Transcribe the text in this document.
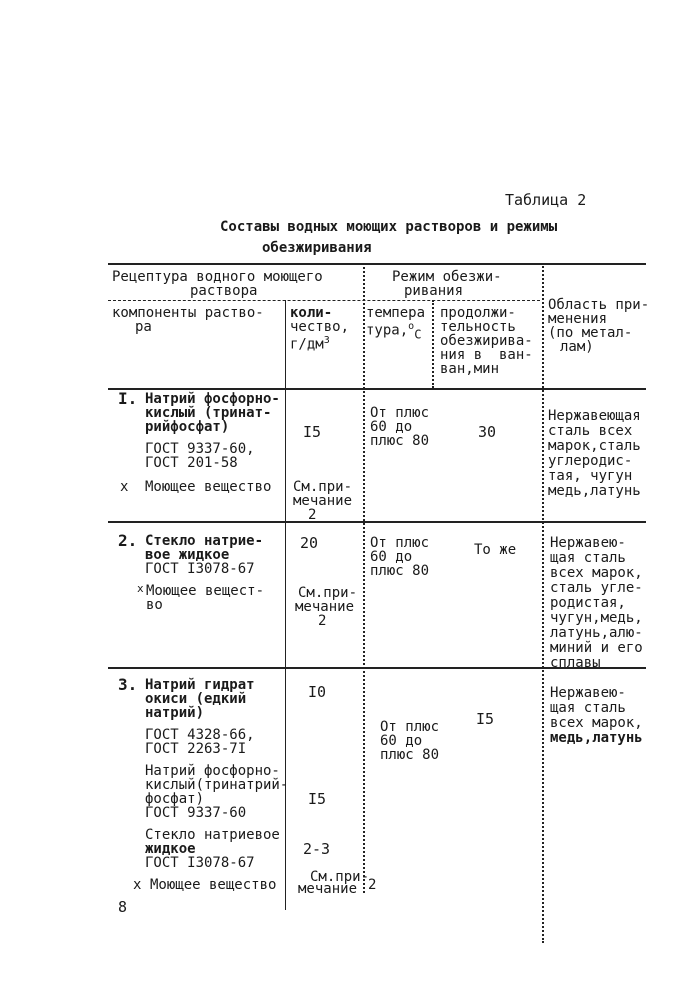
Таблица 2
Составы водных моющих растворов и режимы
обезжиривания
Рецептура водного моющего
раствора
Режим обезжи-
ривания
компоненты раство-
ра
коли-
чество,
$г/дм^3$
темпера
тура,$^o_C$
продолжи-
тельность
обезжирива-
ния в  ван-
ван,мин
Область при-
менения
(по метал-
лам)
I. Натрий фосфорно-
кислый (тринат-
рийфосфат)
ГОСТ 9337-60,
ГОСТ 201-58
х Моющее вещество
I5
См.при-
мечание
2
От плюс
60 до
плюс 80	30
Нержавеющая
сталь всех
марок,сталь
углеродис-
тая, чугун
медь,латунь
2. Стекло натрие-
вое жидкое
ГОСТ I3078-67
х Моющее вещест-
во
20
См.при-
мечание
2
От плюс
60 до
плюс 80
То же Нержавею-
щая сталь
всех марок,
сталь угле-
родистая,
чугун,медь,
латунь,алю-
миний и его
сплавы
3. Натрий гидрат
окиси (едкий
натрий)
ГОСТ 4328-66,
ГОСТ 2263-7I
Натрий фосфорно-
кислый(тринатрий-
фосфат)
ГОСТ 9337-60
Стекло натриевое
жидкое
ГОСТ I3078-67
х Моющее вещество
I0
I5
2-3
См.при-
мечание 2
От плюс
60 до
плюс 80
I5
Нержавею-
щая сталь
всех марок,
медь,латунь
8
